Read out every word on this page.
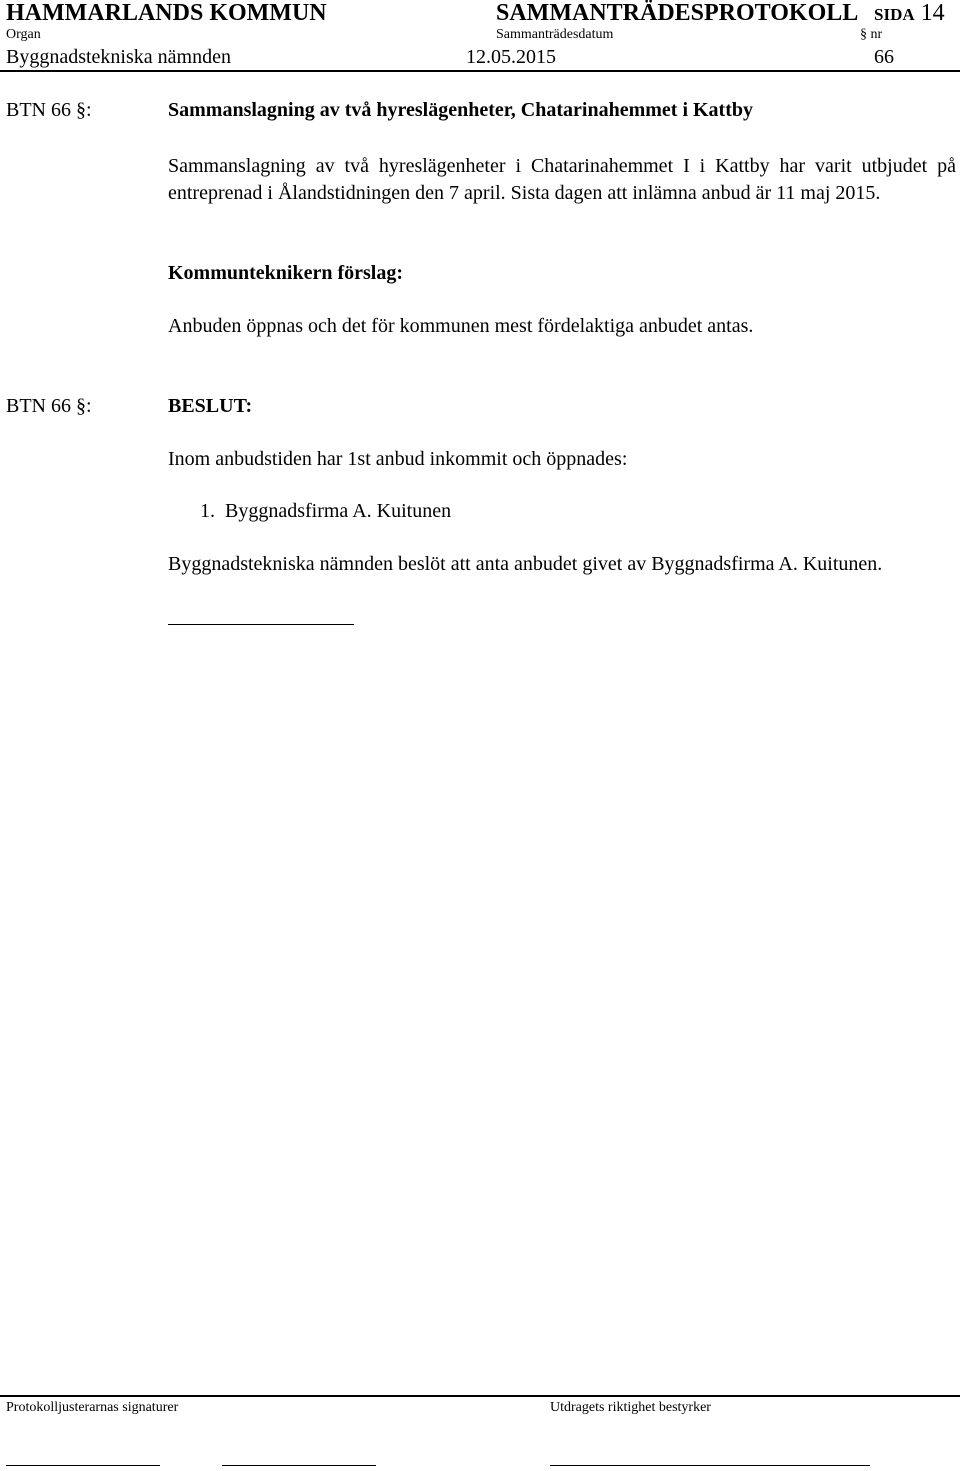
HAMMARLANDS KOMMUN	SAMMANTRÄDESPROTOKOLL SIDA 14
Organ	Sammanträdesdatum	§ nr
Byggnadstekniska nämnden	12.05.2015	66
BTN 66 §:	Sammanslagning av två hyreslägenheter, Chatarinahemmet i Kattby
Sammanslagning av två hyreslägenheter i Chatarinahemmet I i Kattby har varit utbjudet på entreprenad i Ålandstidningen den 7 april. Sista dagen att inlämna anbud är 11 maj 2015.
Kommunteknikern förslag:
Anbuden öppnas och det för kommunen mest fördelaktiga anbudet antas.
BTN 66 §:	BESLUT:
Inom anbudstiden har 1st anbud inkommit och öppnades:
1.  Byggnadsfirma A. Kuitunen
Byggnadstekniska nämnden beslöt att anta anbudet givet av Byggnadsfirma A. Kuitunen.
Protokolljusterarnas signaturer	Utdragets riktighet bestyrker
